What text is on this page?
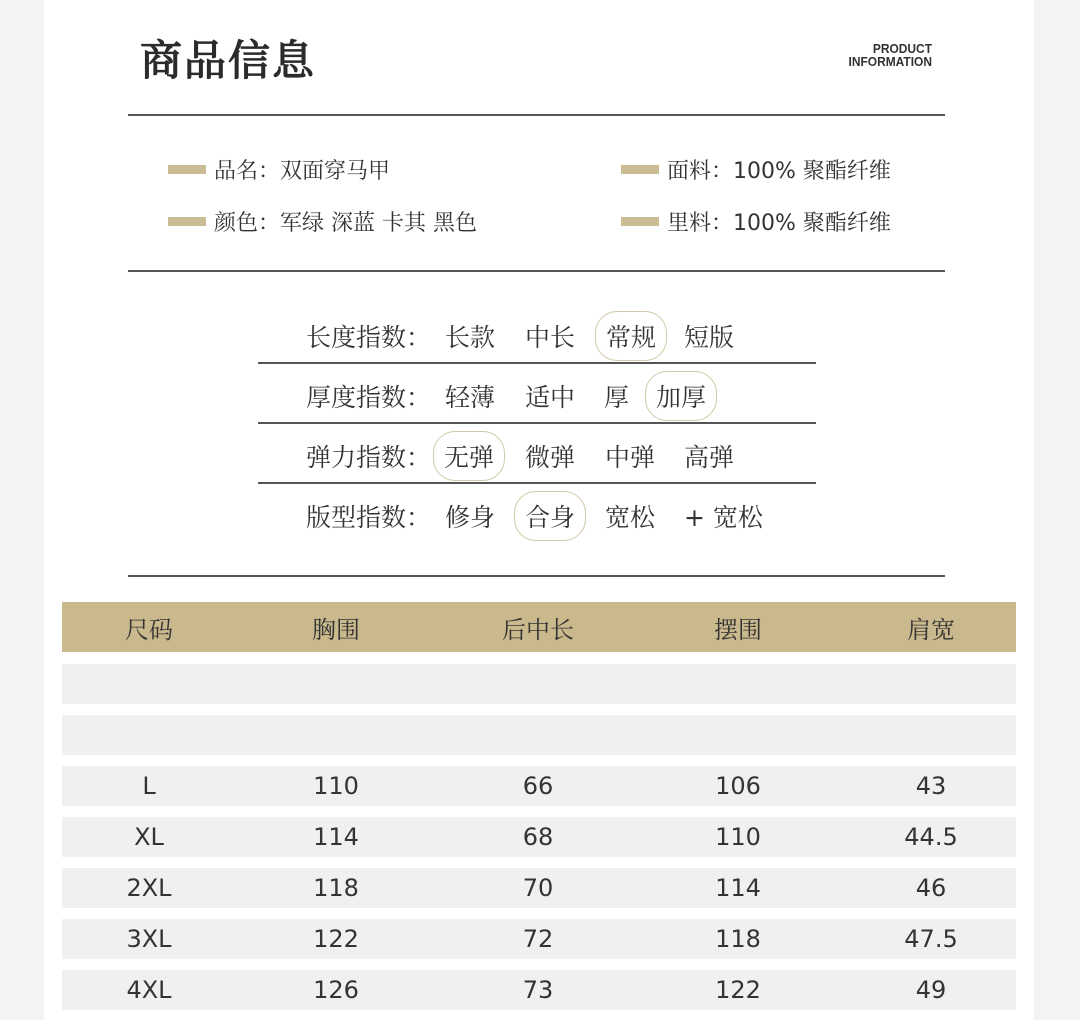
商品信息	PRODUCT
INFORMATION
品名： 双面穿马甲	面料： 100% 聚酯纤维
颜色： 军绿 深蓝 卡其 黑色	里料： 100% 聚酯纤维
长度指数： 长款 中长 常规 短版
厚度指数： 轻薄 适中 厚 加厚
弹力指数： 无弹 微弹 中弹 高弹
版型指数： 修身 合身 宽松 + 宽松
尺码	胸围	后中长	摆围	肩宽
L	110	66	106	43
XL	114	68	110	44.5
2XL	118	70	114	46
3XL	122	72	118	47.5
4XL	126	73	122	49
